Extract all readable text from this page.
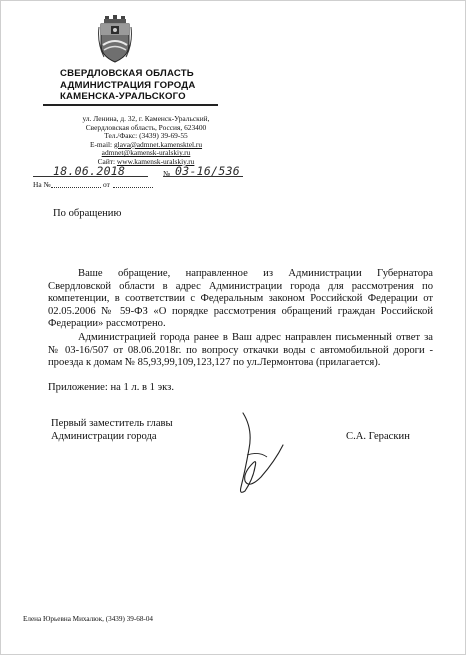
СВЕРДЛОВСКАЯ ОБЛАСТЬ
АДМИНИСТРАЦИЯ ГОРОДА
КАМЕНСКА-УРАЛЬСКОГО
ул. Ленина, д. 32, г. Каменск-Уральский,
Свердловская область, Россия, 623400
Тел./Факс: (3439) 39-69-55
E-mail: glava@admnet.kamensktel.ru
admnet@kamensk-uralskiy.ru
Сайт: www.kamensk-uralskiy.ru
18.06.2018	№ 03-16/536
На №	от
По обращению
Ваше обращение, направленное из Администрации Губернатора Свердловской области в адрес Администрации города для рассмотрения по компетенции, в соответствии с Федеральным законом Российской Федерации от 02.05.2006 № 59-ФЗ «О порядке рассмотрения обращений граждан Российской Федерации» рассмотрено.
Администрацией города ранее в Ваш адрес направлен письменный ответ за № 03-16/507 от 08.06.2018г. по вопросу откачки воды с автомобильной дороги - проезда к домам № 85,93,99,109,123,127 по ул.Лермонтова (прилагается).
Приложение: на 1 л. в 1 экз.
Первый заместитель главы
Администрации города	С.А. Гераскин
Елена Юрьевна Михалюк, (3439) 39-68-04
